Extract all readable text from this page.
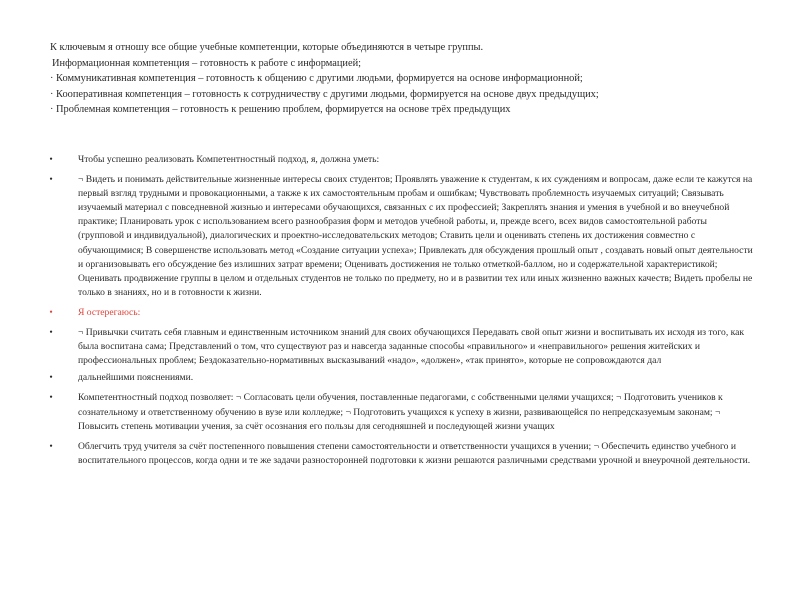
К ключевым я отношу все общие учебные компетенции, которые объединяются в четыре группы.
Информационная компетенция – готовность к работе с информацией;
· Коммуникативная компетенция – готовность к общению с другими людьми, формируется на основе информационной;
· Кооперативная компетенция – готовность к сотрудничеству с другими людьми, формируется на основе двух предыдущих;
· Проблемная компетенция – готовность к решению проблем, формируется на основе трёх предыдущих
•	Чтобы успешно реализовать Компетентностный подход, я, должна уметь:
•	¬ Видеть и понимать действительные жизненные интересы своих студентов; Проявлять уважение к студентам, к их суждениям и вопросам, даже если те кажутся на первый взгляд трудными и провокационными, а также к их самостоятельным пробам и ошибкам; Чувствовать проблемность изучаемых ситуаций; Связывать изучаемый материал с повседневной жизнью и интересами обучающихся, связанных с их профессией; Закреплять знания и умения в учебной и во внеучебной практике; Планировать урок с использованием всего разнообразия форм и методов учебной работы, и, прежде всего, всех видов самостоятельной работы (групповой и индивидуальной), диалогических и проектно-исследовательских методов; Ставить цели и оценивать степень их достижения совместно с обучающимися; В совершенстве использовать метод «Создание ситуации успеха»; Привлекать для обсуждения прошлый опыт , создавать новый опыт деятельности и организовывать его обсуждение без излишних затрат времени; Оценивать достижения не только отметкой-баллом, но и содержательной характеристикой; Оценивать продвижение группы в целом и отдельных студентов не только по предмету, но и в развитии тех или иных жизненно важных качеств; Видеть пробелы не только в знаниях, но и в готовности к жизни.
•	Я остерегаюсь:
•	¬ Привычки считать себя главным и единственным источником знаний для своих обучающихся Передавать свой опыт жизни и воспитывать их исходя из того, как была воспитана сама; Представлений о том, что существуют раз и навсегда заданные способы «правильного» и «неправильного» решения житейских и профессиональных проблем; Бездоказательно-нормативных высказываний «надо», «должен», «так принято», которые не сопровождаются дал
•	дальнейшими пояснениями.
•	Компетентностный подход позволяет: ¬ Согласовать цели обучения, поставленные педагогами, с собственными целями учащихся; ¬ Подготовить учеников к сознательному и ответственному обучению в вузе или колледже; ¬ Подготовить учащихся к успеху в жизни, развивающейся по непредсказуемым законам; ¬ Повысить степень мотивации учения, за счёт осознания его пользы для сегодняшней и последующей жизни учащих
•	Облегчить труд учителя за счёт постепенного повышения степени самостоятельности и ответственности учащихся в учении; ¬ Обеспечить единство учебного и воспитательного процессов, когда одни и те же задачи разносторонней подготовки к жизни решаются различными средствами урочной и внеурочной деятельности.
